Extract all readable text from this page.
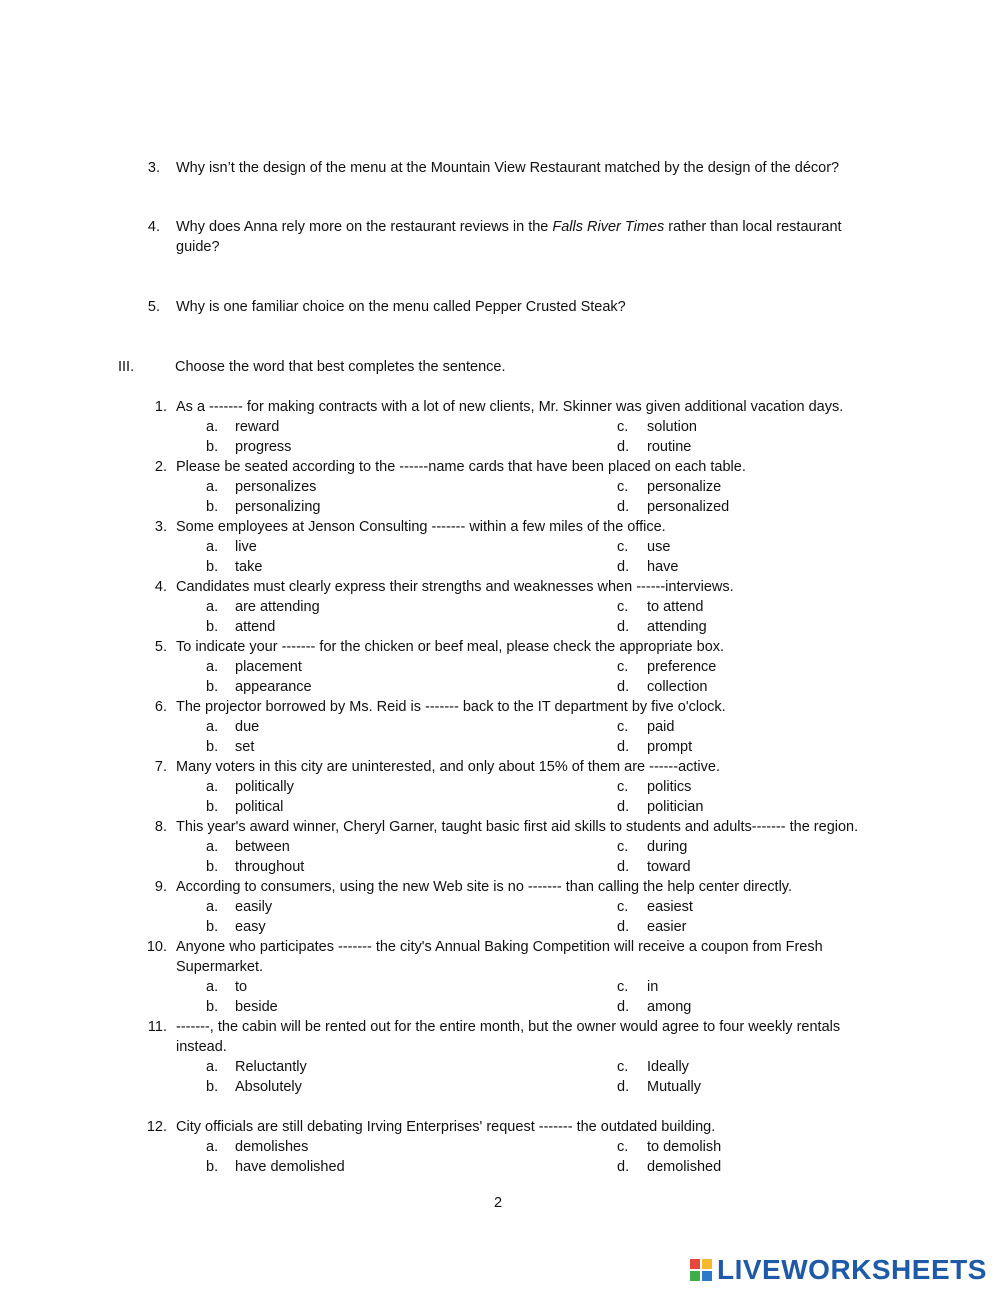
3. Why isn’t the design of the menu at the Mountain View Restaurant matched by the design of the décor?
4. Why does Anna rely more on the restaurant reviews in the Falls River Times rather than local restaurant
guide?
5. Why is one familiar choice on the menu called Pepper Crusted Steak?
III.	Choose the word that best completes the sentence.
1. As a ------- for making contracts with a lot of new clients, Mr. Skinner was given additional vacation days.
a.	reward	c.	solution
b.	progress	d.	routine
2. Please be seated according to the ------name cards that have been placed on each table.
a.	personalizes	c.	personalize
b.	personalizing	d.	personalized
3. Some employees at Jenson Consulting ------- within a few miles of the office.
a.	live	c.	use
b.	take	d.	have
4. Candidates must clearly express their strengths and weaknesses when ------interviews.
a.	are attending	c.	to attend
b.	attend	d.	attending
5. To indicate your ------- for the chicken or beef meal, please check the appropriate box.
a.	placement	c.	preference
b.	appearance	d.	collection
6. The projector borrowed by Ms. Reid is ------- back to the IT department by five o'clock.
a.	due	c.	paid
b.	set	d.	prompt
7. Many voters in this city are uninterested, and only about 15% of them are ------active.
a.	politically	c.	politics
b.	political	d.	politician
8. This year's award winner, Cheryl Garner, taught basic first aid skills to students and adults------- the region.
a.	between	c.	during
b.	throughout	d.	toward
9. According to consumers, using the new Web site is no ------- than calling the help center directly.
a.	easily	c.	easiest
b.	easy	d.	easier
10. Anyone who participates ------- the city's Annual Baking Competition will receive a coupon from Fresh
Supermarket.
a.	to	c.	in
b.	beside	d.	among
11. -------, the cabin will be rented out for the entire month, but the owner would agree to four weekly rentals
instead.
a.	Reluctantly	c.	Ideally
b.	Absolutely	d.	Mutually
12. City officials are still debating Irving Enterprises' request ------- the outdated building.
a.	demolishes	c.	to demolish
b.	have demolished	d.	demolished
2
LIVEWORKSHEETS
